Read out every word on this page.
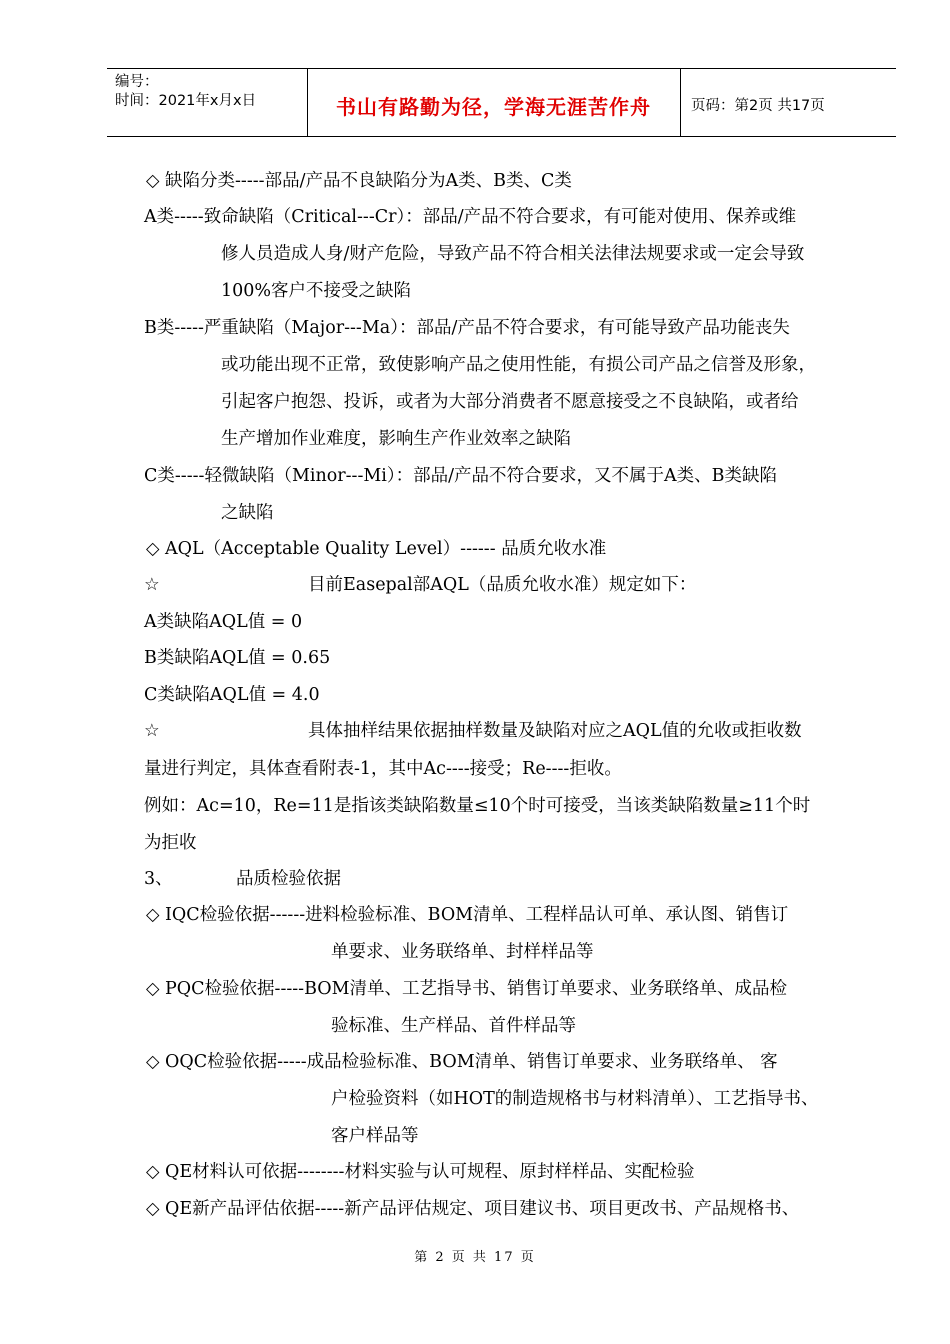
编号：
时间：2021年x月x日	书山有路勤为径，学海无涯苦作舟	页码：第2页 共17页
◇ 缺陷分类-----部品/产品不良缺陷分为A类、B类、C类
A类-----致命缺陷（Critical---Cr）：部品/产品不符合要求，有可能对使用、保养或维
修人员造成人身/财产危险，导致产品不符合相关法律法规要求或一定会导致
100%客户不接受之缺陷
B类-----严重缺陷（Major---Ma）：部品/产品不符合要求，有可能导致产品功能丧失
或功能出现不正常，致使影响产品之使用性能，有损公司产品之信誉及形象，
引起客户抱怨、投诉，或者为大部分消费者不愿意接受之不良缺陷，或者给
生产增加作业难度，影响生产作业效率之缺陷
C类-----轻微缺陷（Minor---Mi）：部品/产品不符合要求，又不属于A类、B类缺陷
之缺陷
◇ AQL（Acceptable Quality Level）------ 品质允收水准
☆	目前Easepal部AQL（品质允收水准）规定如下：
A类缺陷AQL值 = 0
B类缺陷AQL值 = 0.65
C类缺陷AQL值 = 4.0
☆	具体抽样结果依据抽样数量及缺陷对应之AQL值的允收或拒收数
量进行判定，具体查看附表-1，其中Ac----接受；Re----拒收。
例如：Ac=10，Re=11是指该类缺陷数量≤10个时可接受，当该类缺陷数量≥11个时
为拒收
3、	品质检验依据
◇ IQC检验依据------进料检验标准、BOM清单、工程样品认可单、承认图、销售订
单要求、业务联络单、封样样品等
◇ PQC检验依据-----BOM清单、工艺指导书、销售订单要求、业务联络单、成品检
验标准、生产样品、首件样品等
◇ OQC检验依据-----成品检验标准、BOM清单、销售订单要求、业务联络单、 客
户检验资料（如HOT的制造规格书与材料清单）、工艺指导书、
客户样品等
◇ QE材料认可依据--------材料实验与认可规程、原封样样品、实配检验
◇ QE新产品评估依据-----新产品评估规定、项目建议书、项目更改书、产品规格书、
第 2 页 共 17 页
